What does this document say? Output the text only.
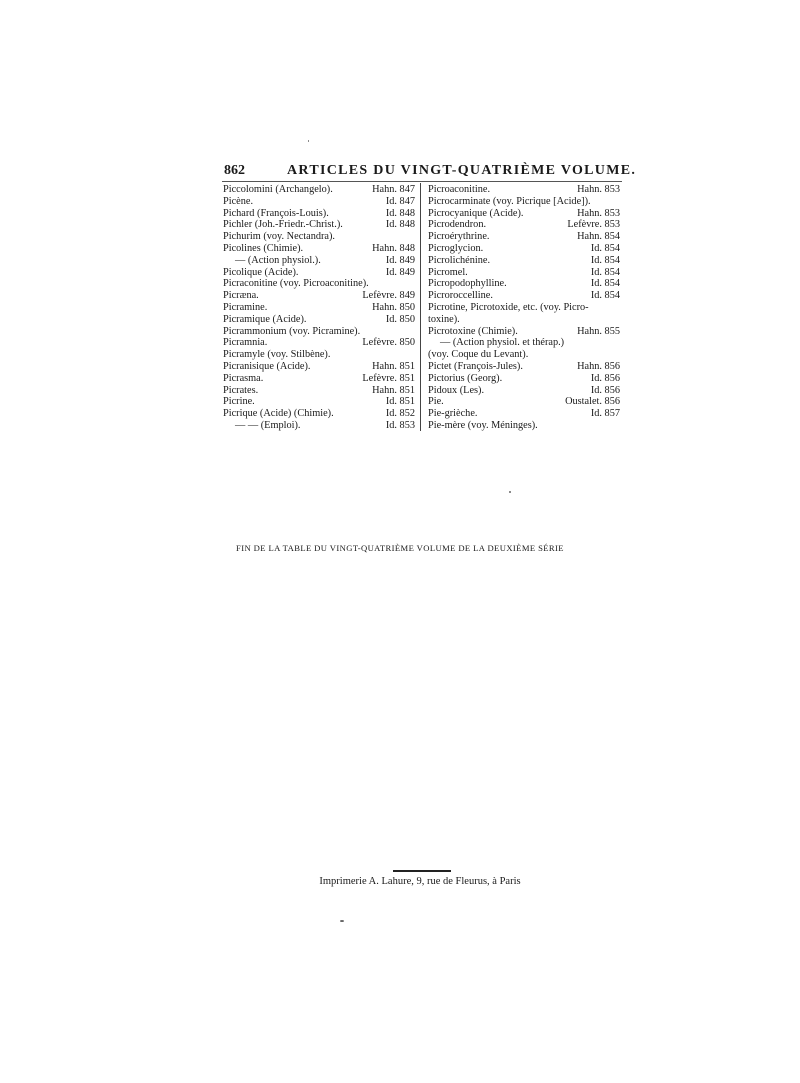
862	ARTICLES DU VINGT-QUATRIÈME VOLUME.
Piccolomini (Archangelo).	Hahn. 847
Picène.	Id. 847
Pichard (François-Louis).	Id. 848
Pichler (Joh.-Friedr.-Christ.).	Id. 848
Pichurim (voy. Nectandra).
Picolines (Chimie).	Hahn. 848
— (Action physiol.).	Id. 849
Picolique (Acide).	Id. 849
Picraconitine (voy. Picroaconitine).
Picræna.	Lefèvre. 849
Picramine.	Hahn. 850
Picramique (Acide).	Id. 850
Picrammonium (voy. Picramine).
Picramnia.	Lefèvre. 850
Picramyle (voy. Stilbène).
Picranisique (Acide).	Hahn. 851
Picrasma.	Lefèvre. 851
Picrates.	Hahn. 851
Picrine.	Id. 851
Picrique (Acide) (Chimie).	Id. 852
— — (Emploi).	Id. 853
Picroaconitine.	Hahn. 853
Picrocarminate (voy. Picrique [Acide]).
Picrocyanique (Acide).	Hahn. 853
Picrodendron.	Lefèvre. 853
Picroérythrine.	Hahn. 854
Picroglycion.	Id. 854
Picrolichénine.	Id. 854
Picromel.	Id. 854
Picropodophylline.	Id. 854
Picroroccelline.	Id. 854
Picrotine, Picrotoxide, etc. (voy. Picro-
toxine).
Picrotoxine (Chimie).	Hahn. 855
— (Action physiol. et thérap.)
(voy. Coque du Levant).
Pictet (François-Jules).	Hahn. 856
Pictorius (Georg).	Id. 856
Pidoux (Les).	Id. 856
Pie.	Oustalet. 856
Pie-grièche.	Id. 857
Pie-mère (voy. Méninges).
FIN DE LA TABLE DU VINGT-QUATRIÈME VOLUME DE LA DEUXIÈME SÉRIE
Imprimerie A. Lahure, 9, rue de Fleurus, à Paris
